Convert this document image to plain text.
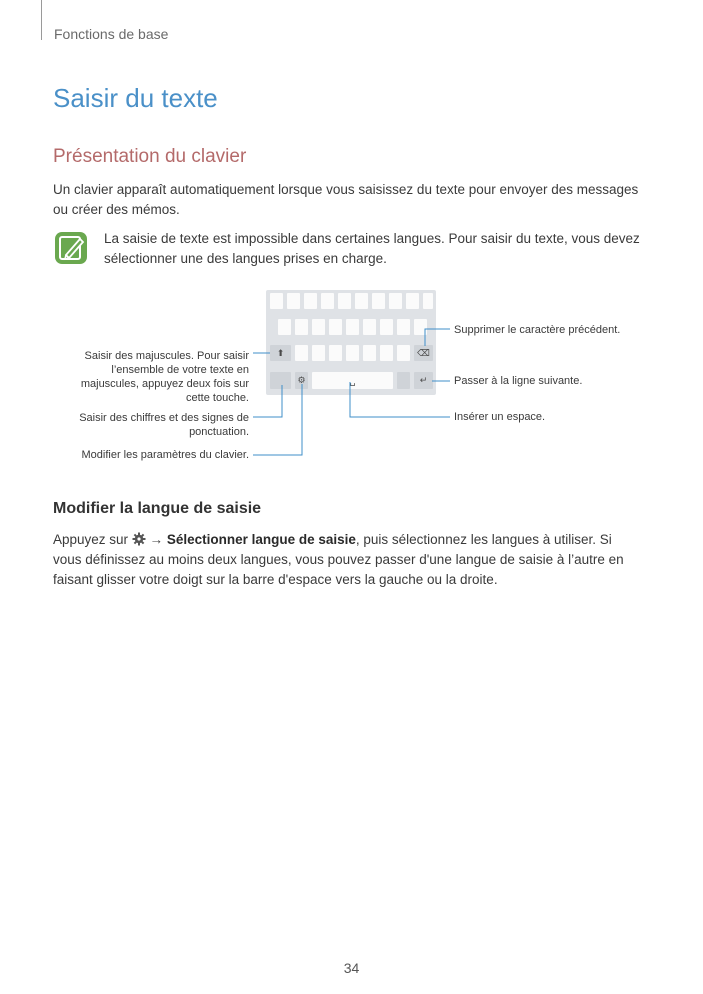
Fonctions de base
Saisir du texte
Présentation du clavier

Un clavier apparaît automatiquement lorsque vous saisissez du texte pour envoyer des messages ou créer des mémos.

La saisie de texte est impossible dans certaines langues. Pour saisir du texte, vous devez sélectionner une des langues prises en charge.

⬆	⌫
⚙	␣	↵
Saisir des majuscules. Pour saisir l’ensemble de votre texte en majuscules, appuyez deux fois sur cette touche.
Saisir des chiffres et des signes de ponctuation.
Modifier les paramètres du clavier.
Supprimer le caractère précédent.
Passer à la ligne suivante.
Insérer un espace.
Modifier la langue de saisie

Appuyez sur  → Sélectionner langue de saisie, puis sélectionnez les langues à utiliser. Si vous définissez au moins deux langues, vous pouvez passer d'une langue de saisie à l’autre en faisant glisser votre doigt sur la barre d'espace vers la gauche ou la droite.

34
